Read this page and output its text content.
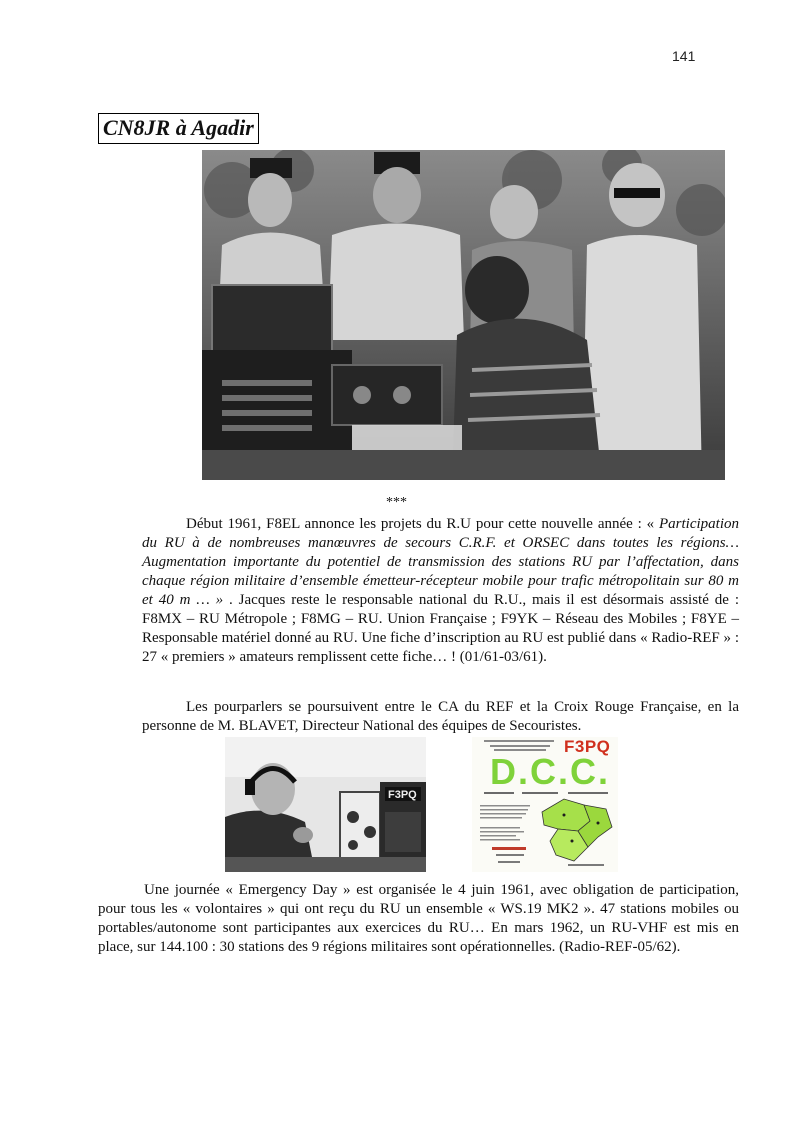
141
CN8JR à Agadir
***

Début 1961, F8EL annonce les projets du R.U pour cette nouvelle année : « Participation du RU à de nombreuses manœuvres de secours C.R.F. et ORSEC dans toutes les régions… Augmentation importante du potentiel de transmission des stations RU par l’affectation, dans chaque région militaire d’ensemble émetteur-récepteur mobile pour trafic métropolitain sur 80 m et 40 m … » . Jacques reste le responsable national du R.U., mais il est désormais assisté de : F8MX – RU Métropole ; F8MG – RU. Union Française ; F9YK – Réseau des Mobiles ; F8YE – Responsable matériel donné au RU. Une fiche d’inscription au RU est publié dans « Radio-REF » : 27 « premiers » amateurs remplissent cette fiche… ! (01/61-03/61).

Les pourparlers se poursuivent entre le CA du REF et la Croix Rouge Française, en la personne de M. BLAVET, Directeur National des équipes de Secouristes.

F3PQ
F3PQ
D.C.C.

Une journée « Emergency Day » est organisée le 4 juin 1961, avec obligation de participation, pour tous les « volontaires » qui ont reçu du RU un ensemble « WS.19 MK2 ». 47 stations mobiles ou portables/autonome sont participantes aux exercices du RU… En mars 1962, un RU-VHF est mis en place, sur 144.100 : 30 stations des 9 régions militaires sont opérationnelles. (Radio-REF-05/62).
